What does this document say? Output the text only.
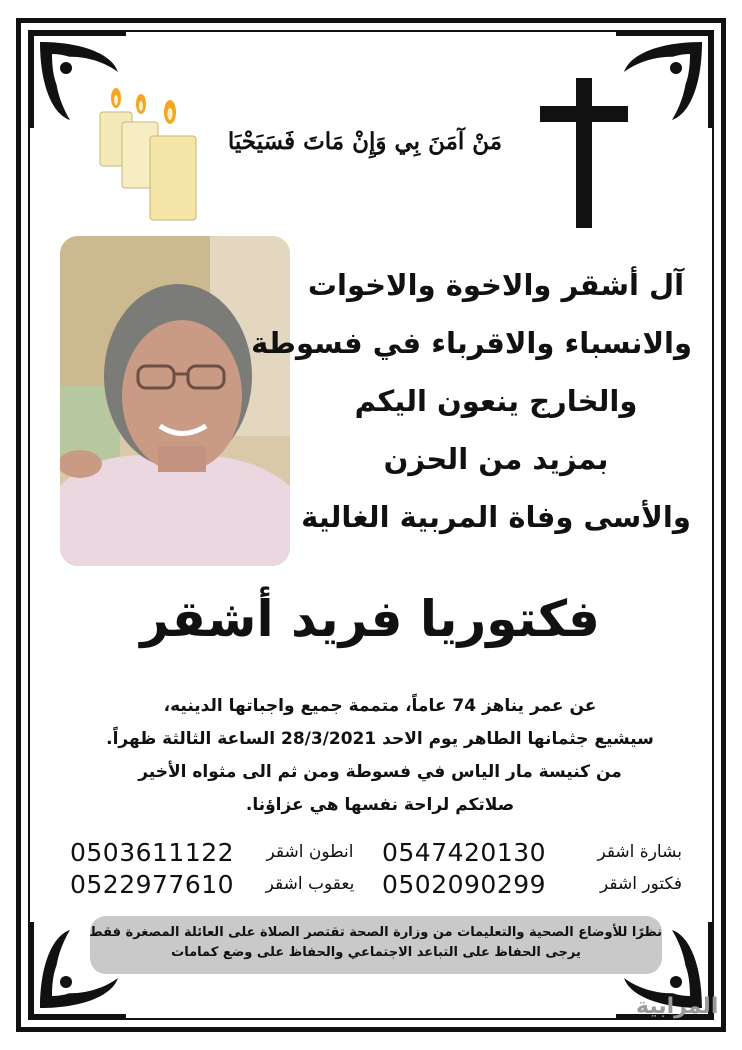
مَنْ آمَنَ بِي وَإِنْ مَاتَ فَسَيَحْيَا
آل أشقر والاخوة والاخوات
والانسباء والاقرباء في فسوطة
والخارج ينعون اليكم
بمزيد من الحزن
والأسى وفاة المربية الغالية
فكتوريا فريد أشقر
عن عمر يناهز 74 عاماً، متممة جميع واجباتها الدينيه،
سيشيع جثمانها الطاهر يوم الاحد 28/3/2021 الساعة الثالثة ظهراً.
من كنيسة مار الياس في فسوطة ومن ثم الى مثواه الأخير
صلاتكم لراحة نفسها هي عزاؤنا.
0503611122	انطون اشقر	0547420130	بشارة اشقر
0522977610	يعقوب اشقر	0502090299	فكتور اشقر
نظرًا للأوضاع الصحية والتعليمات من وزارة الصحة تقتصر الصلاة على العائلة المصغرة فقط
يرجى الحفاظ على التباعد الاجتماعي والحفاظ على وضع كمامات
المرابية
